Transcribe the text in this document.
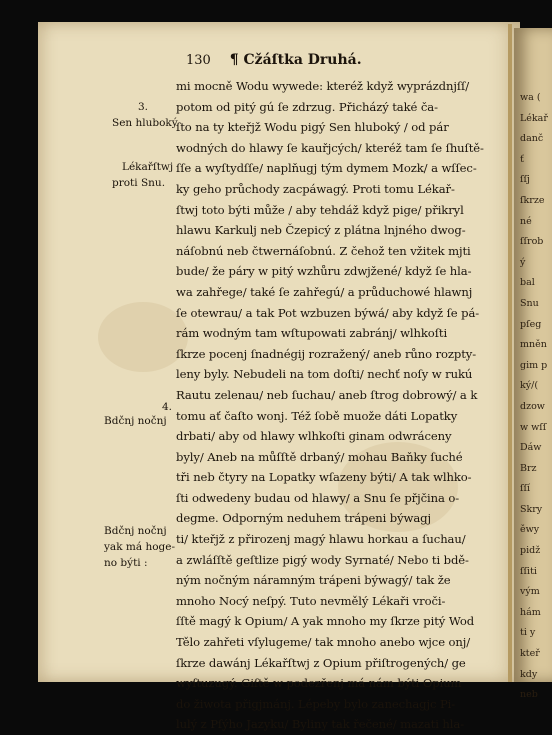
wa (
Lékař
danč
ť
ſſj
ſkrze
né
ſſrob
ý
bal
Snu
pſeg
mněn
gim p
ký/(
dzow
w wſſ
Dáw
Brz
ſſí
Skry
ěwy
pidž
ſſiti
vým
hám
ti y
kteř
kdy
neb
130 ¶ Cžáſtka Druhá.
3.
Sen hluboký
Lékařſtwj
proti Snu.
4.
Bdčnj nočnj
Bdčnj nočnj
yak má hoge-
no býti :
mi mocně Wodu wywede: kteréž když wyprázdnjſſ/
potom od pitý gú ſe zdrzug. Přicházý také ča-
ſto na ty kteřjž Wodu pigý Sen hluboký / od pár
wodných do hlawy ſe kauřjcých/ kteréž tam ſe ſhuſtě-
ſſe a wyſtydſſe/ naplňugj tým dymem Mozk/ a wſſec-
ky geho průchody zacpáwagý. Proti tomu Lékař-
ſtwj toto býti může / aby tehdáž když pige/ přikryl
hlawu Karkulj neb Čzepicý z plátna lnjného dwog-
náſobnú neb čtwernáſobnú. Z čehož ten vžitek mjti
bude/ že páry w pitý wzhůru zdwjžené/ když ſe hla-
wa zahřege/ také ſe zahřegú/ a průduchowé hlawnj
ſe otewrau/ a tak Pot wzbuzen býwá/ aby když ſe pá-
rám wodným tam wſtupowati zabránj/ wlhkoſti
ſkrze pocenj ſnadnégij rozražený/ aneb růno rozpty-
leny byly. Nebudeli na tom doſti/ nechť noſy w rukú
Rautu zelenau/ neb ſuchau/ aneb ſtrog dobrowý/ a k
tomu ať čaſto wonj. Též ſobě muože dáti Lopatky
drbati/ aby od hlawy wlhkoſti ginam odwráceny
byly/ Aneb na můſſtě drbaný/ mohau Baňky ſuché
tři neb čtyry na Lopatky wſazeny býti/ A tak wlhko-
ſti odwedeny budau od hlawy/ a Snu ſe přjčina o-
degme. Odporným neduhem trápeni býwagj
ti/ kteřjž z přirozenj magý hlawu horkau a ſuchau/
a zwláſſtě geſtlize pigý wody Syrnaté/ Nebo ti bdě-
ným nočným náramným trápeni býwagý/ tak že
mnoho Nocý neſpý. Tuto nevmělý Lékaři vroči-
ſſtě magý k Opium/ A yak mnoho my ſkrze pitý Wod
Tělo zahřeti vſylugeme/ tak mnoho anebo wjce onj/
ſkrze dawánj Lékařſtwj z Opium přiſtrogených/ ge
wyſtuzugý. Giſtě w podezřenj má nám býti Opium
do žiwota přigjmánj. Lépeby bylo zanechagjc Pi-
lulý z Pſýho Jazyku/ Byliny tak řečené/ mazati hla-
